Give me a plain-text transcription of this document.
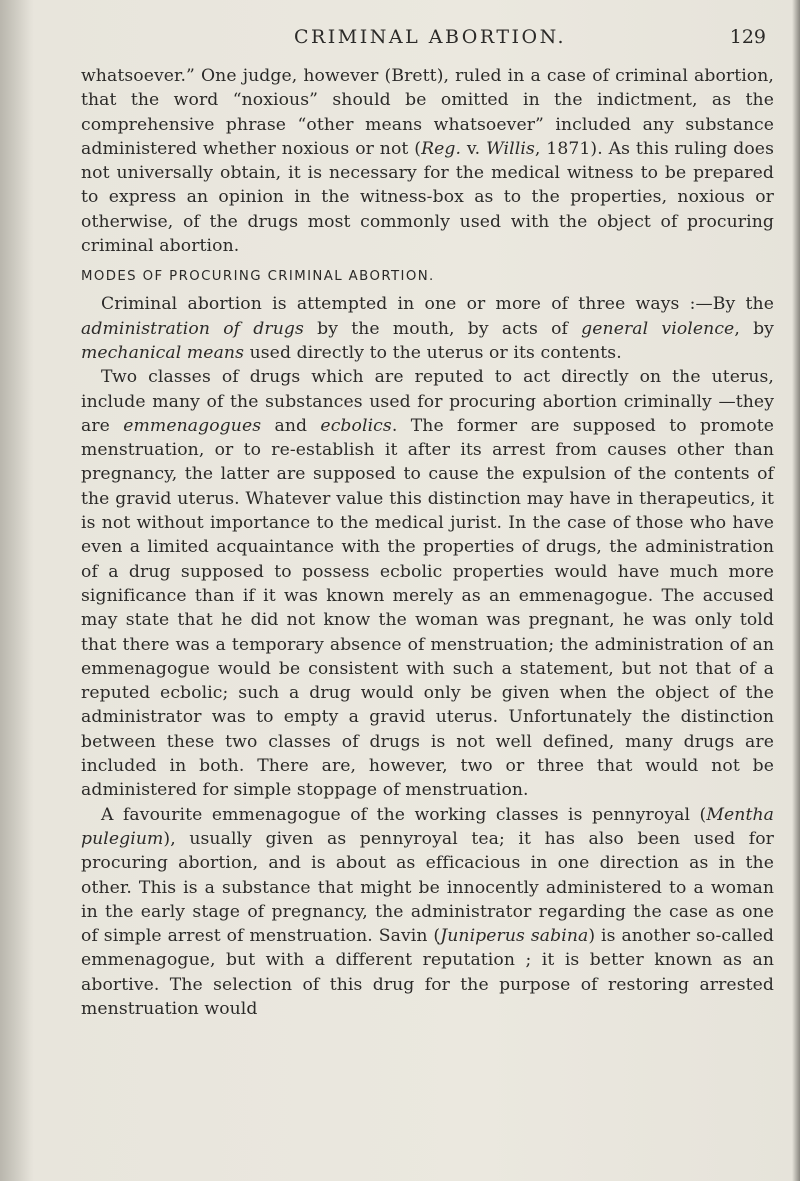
CRIMINAL ABORTION.	129

whatsoever.” One judge, however (Brett), ruled in a case of criminal abortion, that the word “noxious” should be omitted in the indictment, as the comprehensive phrase “other means whatsoever” included any substance administered whether noxious or not (Reg. v. Willis, 1871). As this ruling does not universally obtain, it is necessary for the medical witness to be prepared to express an opinion in the witness-box as to the properties, noxious or otherwise, of the drugs most commonly used with the object of procuring criminal abortion.

MODES OF PROCURING CRIMINAL ABORTION.

Criminal abortion is attempted in one or more of three ways :—By the administration of drugs by the mouth, by acts of general violence, by mechanical means used directly to the uterus or its contents.

Two classes of drugs which are reputed to act directly on the uterus, include many of the substances used for procuring abortion criminally —they are emmenagogues and ecbolics. The former are supposed to promote menstruation, or to re-establish it after its arrest from causes other than pregnancy, the latter are supposed to cause the expulsion of the contents of the gravid uterus. Whatever value this distinction may have in therapeutics, it is not without importance to the medical jurist. In the case of those who have even a limited acquaintance with the properties of drugs, the administration of a drug supposed to possess ecbolic properties would have much more significance than if it was known merely as an emmenagogue. The accused may state that he did not know the woman was pregnant, he was only told that there was a temporary absence of menstruation; the administration of an emmenagogue would be consistent with such a statement, but not that of a reputed ecbolic; such a drug would only be given when the object of the administrator was to empty a gravid uterus. Unfortunately the distinction between these two classes of drugs is not well defined, many drugs are included in both. There are, however, two or three that would not be administered for simple stoppage of menstruation.

A favourite emmenagogue of the working classes is pennyroyal (Mentha pulegium), usually given as pennyroyal tea; it has also been used for procuring abortion, and is about as efficacious in one direction as in the other. This is a substance that might be innocently administered to a woman in the early stage of pregnancy, the administrator regarding the case as one of simple arrest of menstruation. Savin (Juniperus sabina) is another so-called emmenagogue, but with a different reputation ; it is better known as an abortive. The selection of this drug for the purpose of restoring arrested menstruation would
